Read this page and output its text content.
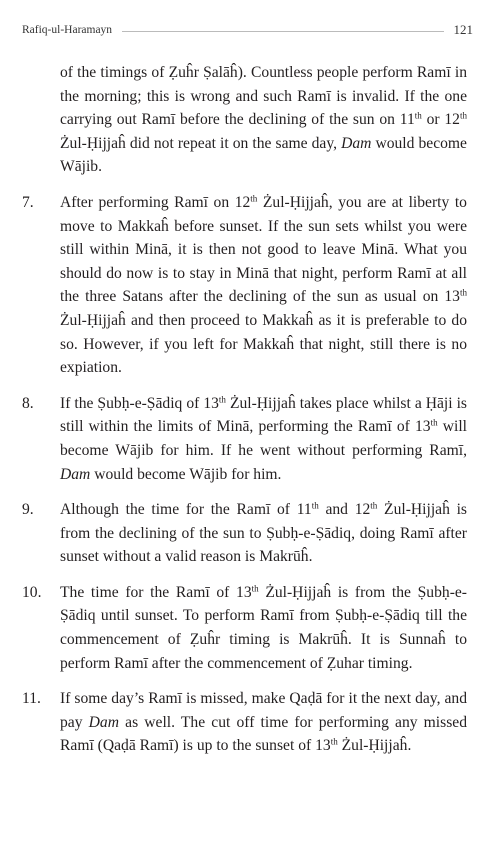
Rafiq-ul-Haramayn	121

of the timings of Ẓuĥr Ṣalāĥ). Countless people perform Ramī in the morning; this is wrong and such Ramī is invalid. If the one carrying out Ramī before the declining of the sun on 11th or 12th Żul-Ḥijjaĥ did not repeat it on the same day, Dam would become Wājib.

7.	After performing Ramī on 12th Żul-Ḥijjaĥ, you are at liberty to move to Makkaĥ before sunset. If the sun sets whilst you were still within Minā, it is then not good to leave Minā. What you should do now is to stay in Minā that night, perform Ramī at all the three Satans after the declining of the sun as usual on 13th Żul-Ḥijjaĥ and then proceed to Makkaĥ as it is preferable to do so. However, if you left for Makkaĥ that night, still there is no expiation.
8.	If the Ṣubḥ-e-Ṣādiq of 13th Żul-Ḥijjaĥ takes place whilst a Ḥāji is still within the limits of Minā, performing the Ramī of 13th will become Wājib for him. If he went without performing Ramī, Dam would become Wājib for him.
9.	Although the time for the Ramī of 11th and 12th Żul-Ḥijjaĥ is from the declining of the sun to Ṣubḥ-e-Ṣādiq, doing Ramī after sunset without a valid reason is Makrūĥ.
10.	The time for the Ramī of 13th Żul-Ḥijjaĥ is from the Ṣubḥ-e-Ṣādiq until sunset. To perform Ramī from Ṣubḥ-e-Ṣādiq till the commencement of Ẓuĥr timing is Makrūĥ. It is Sunnaĥ to perform Ramī after the commencement of Ẓuhar timing.
11.	If some day’s Ramī is missed, make Qaḍā for it the next day, and pay Dam as well. The cut off time for performing any missed Ramī (Qaḍā Ramī) is up to the sunset of 13th Żul-Ḥijjaĥ.
